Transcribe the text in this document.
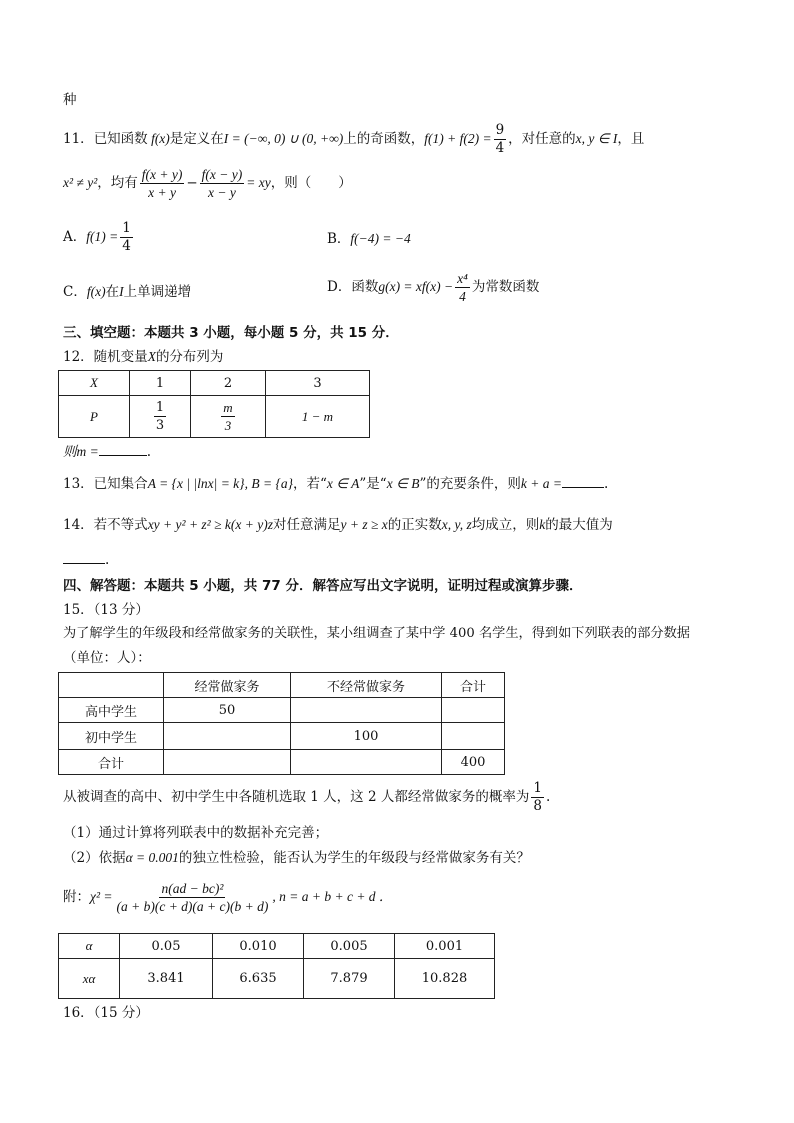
种
11．已知函数 f(x)是定义在I = (−∞, 0) ∪ (0, +∞)上的奇函数，$f(1) + f(2) = \frac{9}{4}$ ，对任意的x, y ∈ I，且
x² ≠ y²，均有 $\frac{f(x + y)}{x + y} - \frac{f(x - y)}{x - y}$ = xy，则（　　）
A．$f(1) = \frac{1}{4}$	B．f(−4) = −4
C．f(x)在I上单调递增	D．函数$g(x) = xf(x) - \frac{\text{x⁴}}{4}$ 为常数函数
三、填空题：本题共 3 小题，每小题 5 分，共 15 分．
12．随机变量X的分布列为
X	1	2	3
P	$\frac{1}{3}$	$\frac{m}{3}$	1 − m
则m =	.
13．已知集合A = {x | |lnx| = k}, B = {a}，若“x ∈ A”是“x ∈ B”的充要条件，则k + a =	.
14．若不等式xy + y² + z² ≥ k(x + y)z对任意满足y + z ≥ x的正实数x, y, z均成立，则k的最大值为
.
四、解答题：本题共 5 小题，共 77 分．解答应写出文字说明，证明过程或演算步骤．
15．（13 分）
为了解学生的年级段和经常做家务的关联性，某小组调查了某中学 400 名学生，得到如下列联表的部分数据
（单位：人）：
	经常做家务	不经常做家务	合计
高中学生	50		
初中学生		100	
合计			400
从被调查的高中、初中学生中各随机选取 1 人，这 2 人都经常做家务的概率为 $\frac{1}{8}$ .
（1）通过计算将列联表中的数据补充完善；
（2）依据α = 0.001的独立性检验，能否认为学生的年级段与经常做家务有关？
附：$\chi^2 = \frac{\text{n(ad − bc)²}}{(a + b)(c + d)(a + c)(b + d)}$ , n = a + b + c + d ．
α	0.05	0.010	0.005	0.001
xα	3.841	6.635	7.879	10.828
16．（15 分）
